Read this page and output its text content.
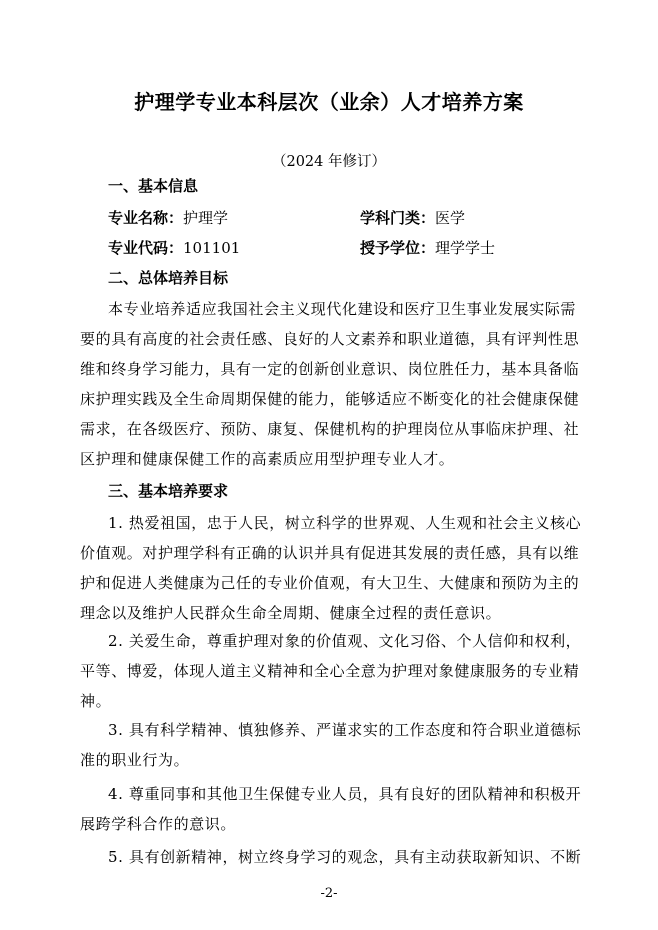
护理学专业本科层次（业余）人才培养方案
（2024 年修订）
一、基本信息
专业名称：护理学	学科门类：医学
专业代码：101101	授予学位：理学学士
二、总体培养目标
本专业培养适应我国社会主义现代化建设和医疗卫生事业发展实际需
要的具有高度的社会责任感、良好的人文素养和职业道德，具有评判性思
维和终身学习能力，具有一定的创新创业意识、岗位胜任力，基本具备临
床护理实践及全生命周期保健的能力，能够适应不断变化的社会健康保健
需求，在各级医疗、预防、康复、保健机构的护理岗位从事临床护理、社
区护理和健康保健工作的高素质应用型护理专业人才。
三、基本培养要求
1. 热爱祖国，忠于人民，树立科学的世界观、人生观和社会主义核心
价值观。对护理学科有正确的认识并具有促进其发展的责任感，具有以维
护和促进人类健康为己任的专业价值观，有大卫生、大健康和预防为主的
理念以及维护人民群众生命全周期、健康全过程的责任意识。
2. 关爱生命，尊重护理对象的价值观、文化习俗、个人信仰和权利，
平等、博爱，体现人道主义精神和全心全意为护理对象健康服务的专业精
神。
3. 具有科学精神、慎独修养、严谨求实的工作态度和符合职业道德标
准的职业行为。
4. 尊重同事和其他卫生保健专业人员，具有良好的团队精神和积极开
展跨学科合作的意识。
5. 具有创新精神，树立终身学习的观念，具有主动获取新知识、不断
-2-
